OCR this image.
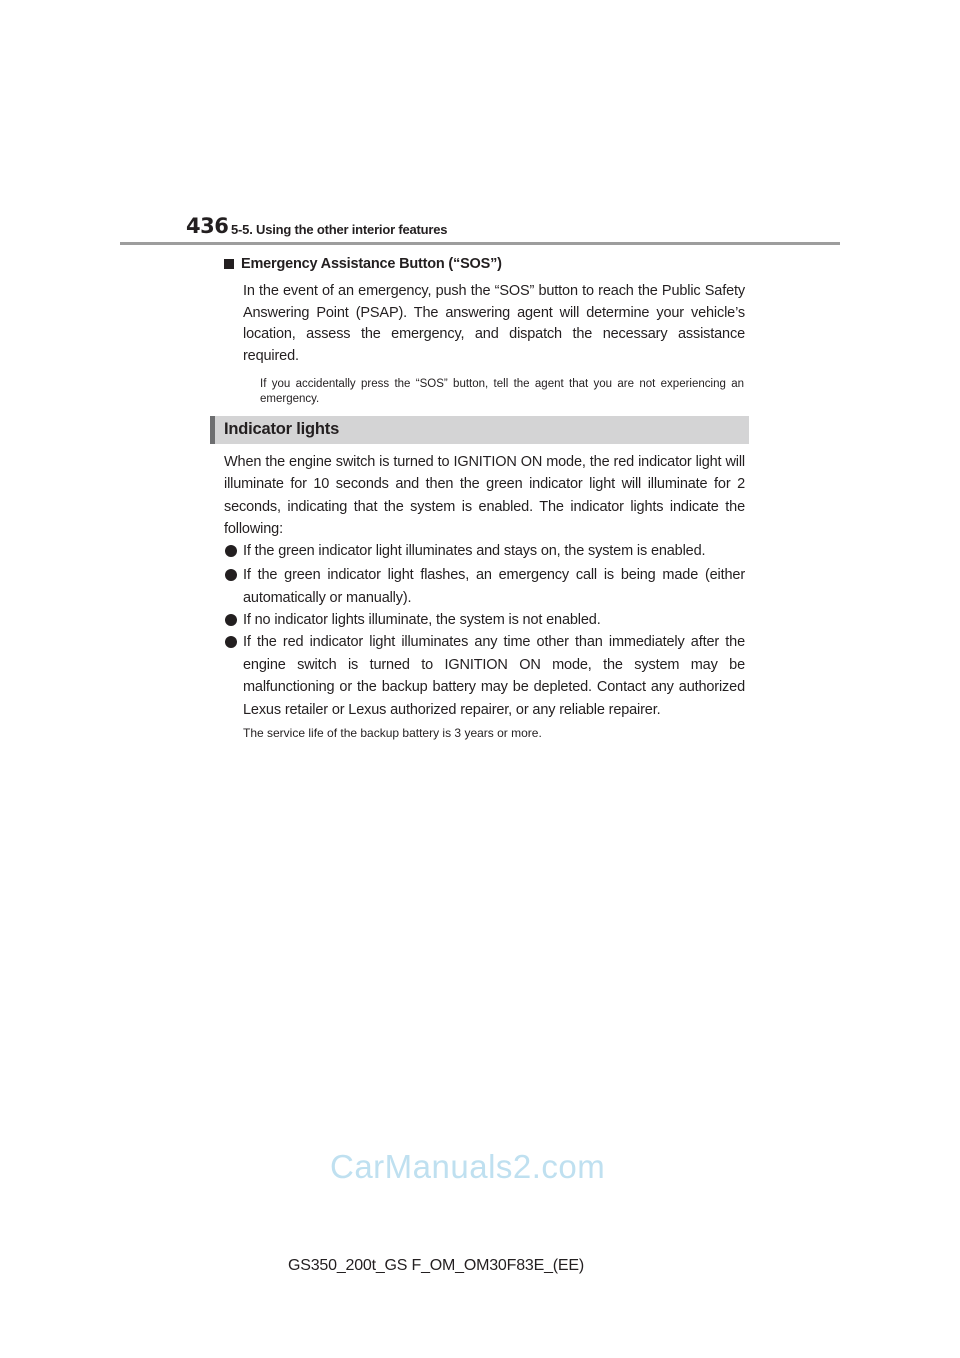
436 5-5. Using the other interior features
Emergency Assistance Button (“SOS”)
In the event of an emergency, push the “SOS” button to reach the Public Safety Answering Point (PSAP). The answering agent will determine your vehicle’s location, assess the emergency, and dispatch the necessary assistance required.
If you accidentally press the “SOS” button, tell the agent that you are not experiencing an emergency.
Indicator lights
When the engine switch is turned to IGNITION ON mode, the red indicator light will illuminate for 10 seconds and then the green indicator light will illuminate for 2 seconds, indicating that the system is enabled. The indicator lights indicate the following:
If the green indicator light illuminates and stays on, the system is enabled.
If the green indicator light flashes, an emergency call is being made (either automatically or manually).
If no indicator lights illuminate, the system is not enabled.
If the red indicator light illuminates any time other than immediately after the engine switch is turned to IGNITION ON mode, the system may be malfunctioning or the backup battery may be depleted. Contact any authorized Lexus retailer or Lexus authorized repairer, or any reliable repairer.
The service life of the backup battery is 3 years or more.
CarManuals2.com
GS350_200t_GS F_OM_OM30F83E_(EE)
